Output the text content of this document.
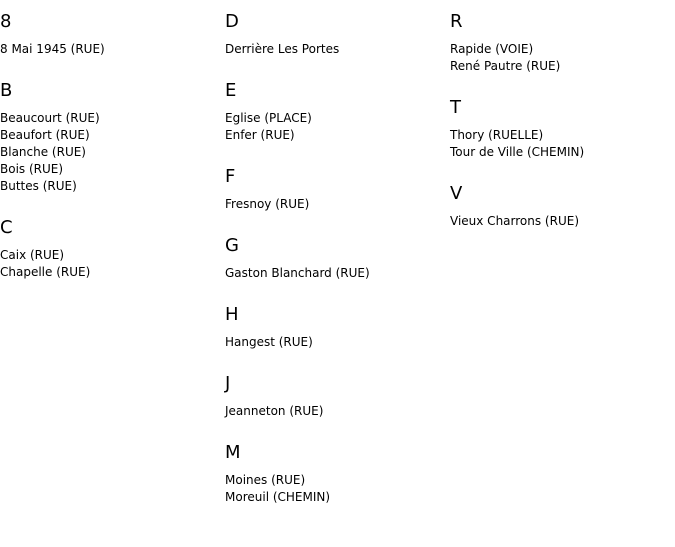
8
8 Mai 1945 (RUE)
B
Beaucourt (RUE)
Beaufort (RUE)
Blanche (RUE)
Bois (RUE)
Buttes (RUE)
C
Caix (RUE)
Chapelle (RUE)
D
Derrière Les Portes
E
Eglise (PLACE)
Enfer (RUE)
F
Fresnoy (RUE)
G
Gaston Blanchard (RUE)
H
Hangest (RUE)
J
Jeanneton (RUE)
M
Moines (RUE)
Moreuil (CHEMIN)
R
Rapide (VOIE)
René Pautre (RUE)
T
Thory (RUELLE)
Tour de Ville (CHEMIN)
V
Vieux Charrons (RUE)
